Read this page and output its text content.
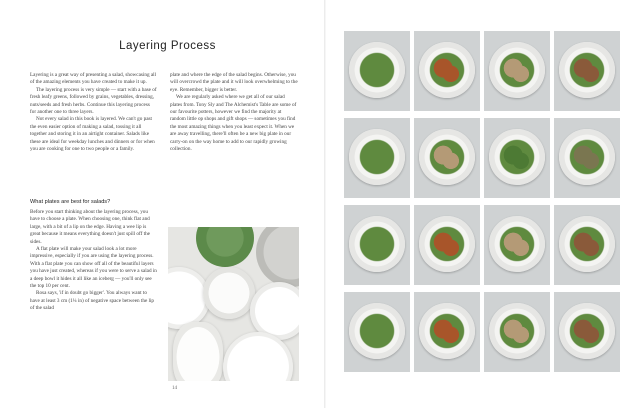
Layering Process

Layering is a great way of presenting a salad, showcasing all of the amazing elements you have created to make it up.

The layering process is very simple — start with a base of fresh leafy greens, followed by grains, vegetables, dressing, nuts/seeds and fresh herbs. Continue this layering process for another one to three layers.

Not every salad in this book is layered. We can't go past the even easier option of making a salad, tossing it all together and storing it in an airtight container. Salads like these are ideal for weekday lunches and dinners or for when you are cooking for one to two people or a family.

plate and where the edge of the salad begins. Otherwise, you will overcrowd the plate and it will look overwhelming to the eye. Remember, bigger is better.

We are regularly asked where we get all of our salad plates from. Tony Sly and The Alchemist's Table are some of our favourite potters, however we find the majority at random little op shops and gift shops — sometimes you find the most amazing things when you least expect it. When we are away travelling, there'll often be a new big plate in our carry-on on the way home to add to our rapidly growing collection.

What plates are best for salads?

Before you start thinking about the layering process, you have to choose a plate. When choosing one, think flat and large, with a bit of a lip on the edge. Having a wee lip is great because it means everything doesn't just spill off the sides.

A flat plate will make your salad look a lot more impressive, especially if you are using the layering process. With a flat plate you can show off all of the beautiful layers you have just created, whereas if you were to serve a salad in a deep bowl it hides it all like an iceberg — you'll only see the top 10 per cent.

Rosa says, 'if in doubt go bigger'. You always want to have at least 3 cm (1¼ in) of negative space between the lip of the salad

14
